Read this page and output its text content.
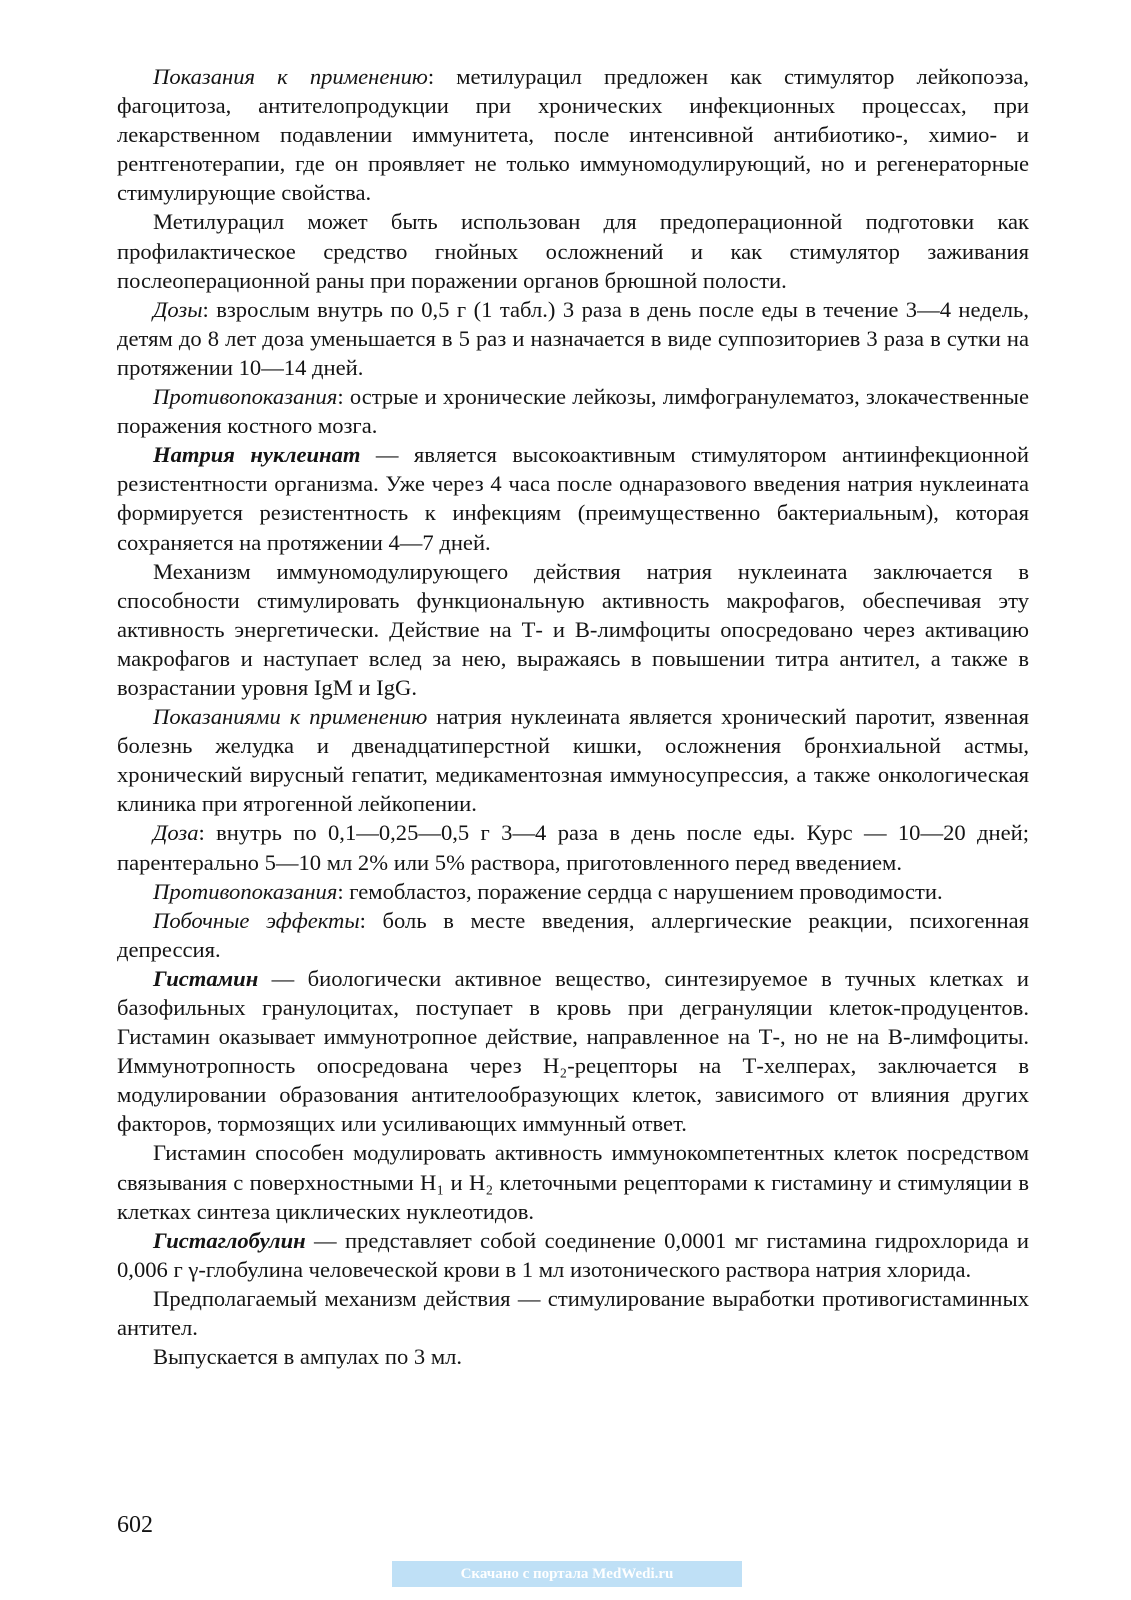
Показания к применению: метилурацил предложен как стимулятор лейкопоэза, фагоцитоза, антителопродукции при хронических инфекционных процессах, при лекарственном подавлении иммунитета, после интенсивной антибиотико-, химио- и рентгенотерапии, где он проявляет не только иммуномодулирующий, но и регенераторные стимулирующие свойства.

Метилурацил может быть использован для предоперационной подготовки как профилактическое средство гнойных осложнений и как стимулятор заживания послеоперационной раны при поражении органов брюшной полости.

Дозы: взрослым внутрь по 0,5 г (1 табл.) 3 раза в день после еды в течение 3—4 недель, детям до 8 лет доза уменьшается в 5 раз и назначается в виде суппозиториев 3 раза в сутки на протяжении 10—14 дней.

Противопоказания: острые и хронические лейкозы, лимфогранулематоз, злокачественные поражения костного мозга.

Натрия нуклеинат — является высокоактивным стимулятором антиинфекционной резистентности организма. Уже через 4 часа после однаразового введения натрия нуклеината формируется резистентность к инфекциям (преимущественно бактериальным), которая сохраняется на протяжении 4—7 дней.

Механизм иммуномодулирующего действия натрия нуклеината заключается в способности стимулировать функциональную активность макрофагов, обеспечивая эту активность энергетически. Действие на Т- и В-лимфоциты опосредовано через активацию макрофагов и наступает вслед за нею, выражаясь в повышении титра антител, а также в возрастании уровня IgM и IgG.

Показаниями к применению натрия нуклеината является хронический паротит, язвенная болезнь желудка и двенадцатиперстной кишки, осложнения бронхиальной астмы, хронический вирусный гепатит, медикаментозная иммуносупрессия, а также онкологическая клиника при ятрогенной лейкопении.

Доза: внутрь по 0,1—0,25—0,5 г 3—4 раза в день после еды. Курс — 10—20 дней; парентерально 5—10 мл 2% или 5% раствора, приготовленного перед введением.

Противопоказания: гемобластоз, поражение сердца с нарушением проводимости.

Побочные эффекты: боль в месте введения, аллергические реакции, психогенная депрессия.

Гистамин — биологически активное вещество, синтезируемое в тучных клетках и базофильных гранулоцитах, поступает в кровь при дегрануляции клеток-продуцентов. Гистамин оказывает иммунотропное действие, направленное на Т-, но не на В-лимфоциты. Иммунотропность опосредована через H₂-рецепторы на Т-хелперах, заключается в модулировании образования антителообразующих клеток, зависимого от влияния других факторов, тормозящих или усиливающих иммунный ответ.

Гистамин способен модулировать активность иммунокомпетентных клеток посредством связывания с поверхностными H₁ и H₂ клеточными рецепторами к гистамину и стимуляции в клетках синтеза циклических нуклеотидов.

Гистаглобулин — представляет собой соединение 0,0001 мг гистамина гидрохлорида и 0,006 г γ-глобулина человеческой крови в 1 мл изотонического раствора натрия хлорида.

Предполагаемый механизм действия — стимулирование выработки противогистаминных антител.

Выпускается в ампулах по 3 мл.

602
Скачано с портала MedWedi.ru
